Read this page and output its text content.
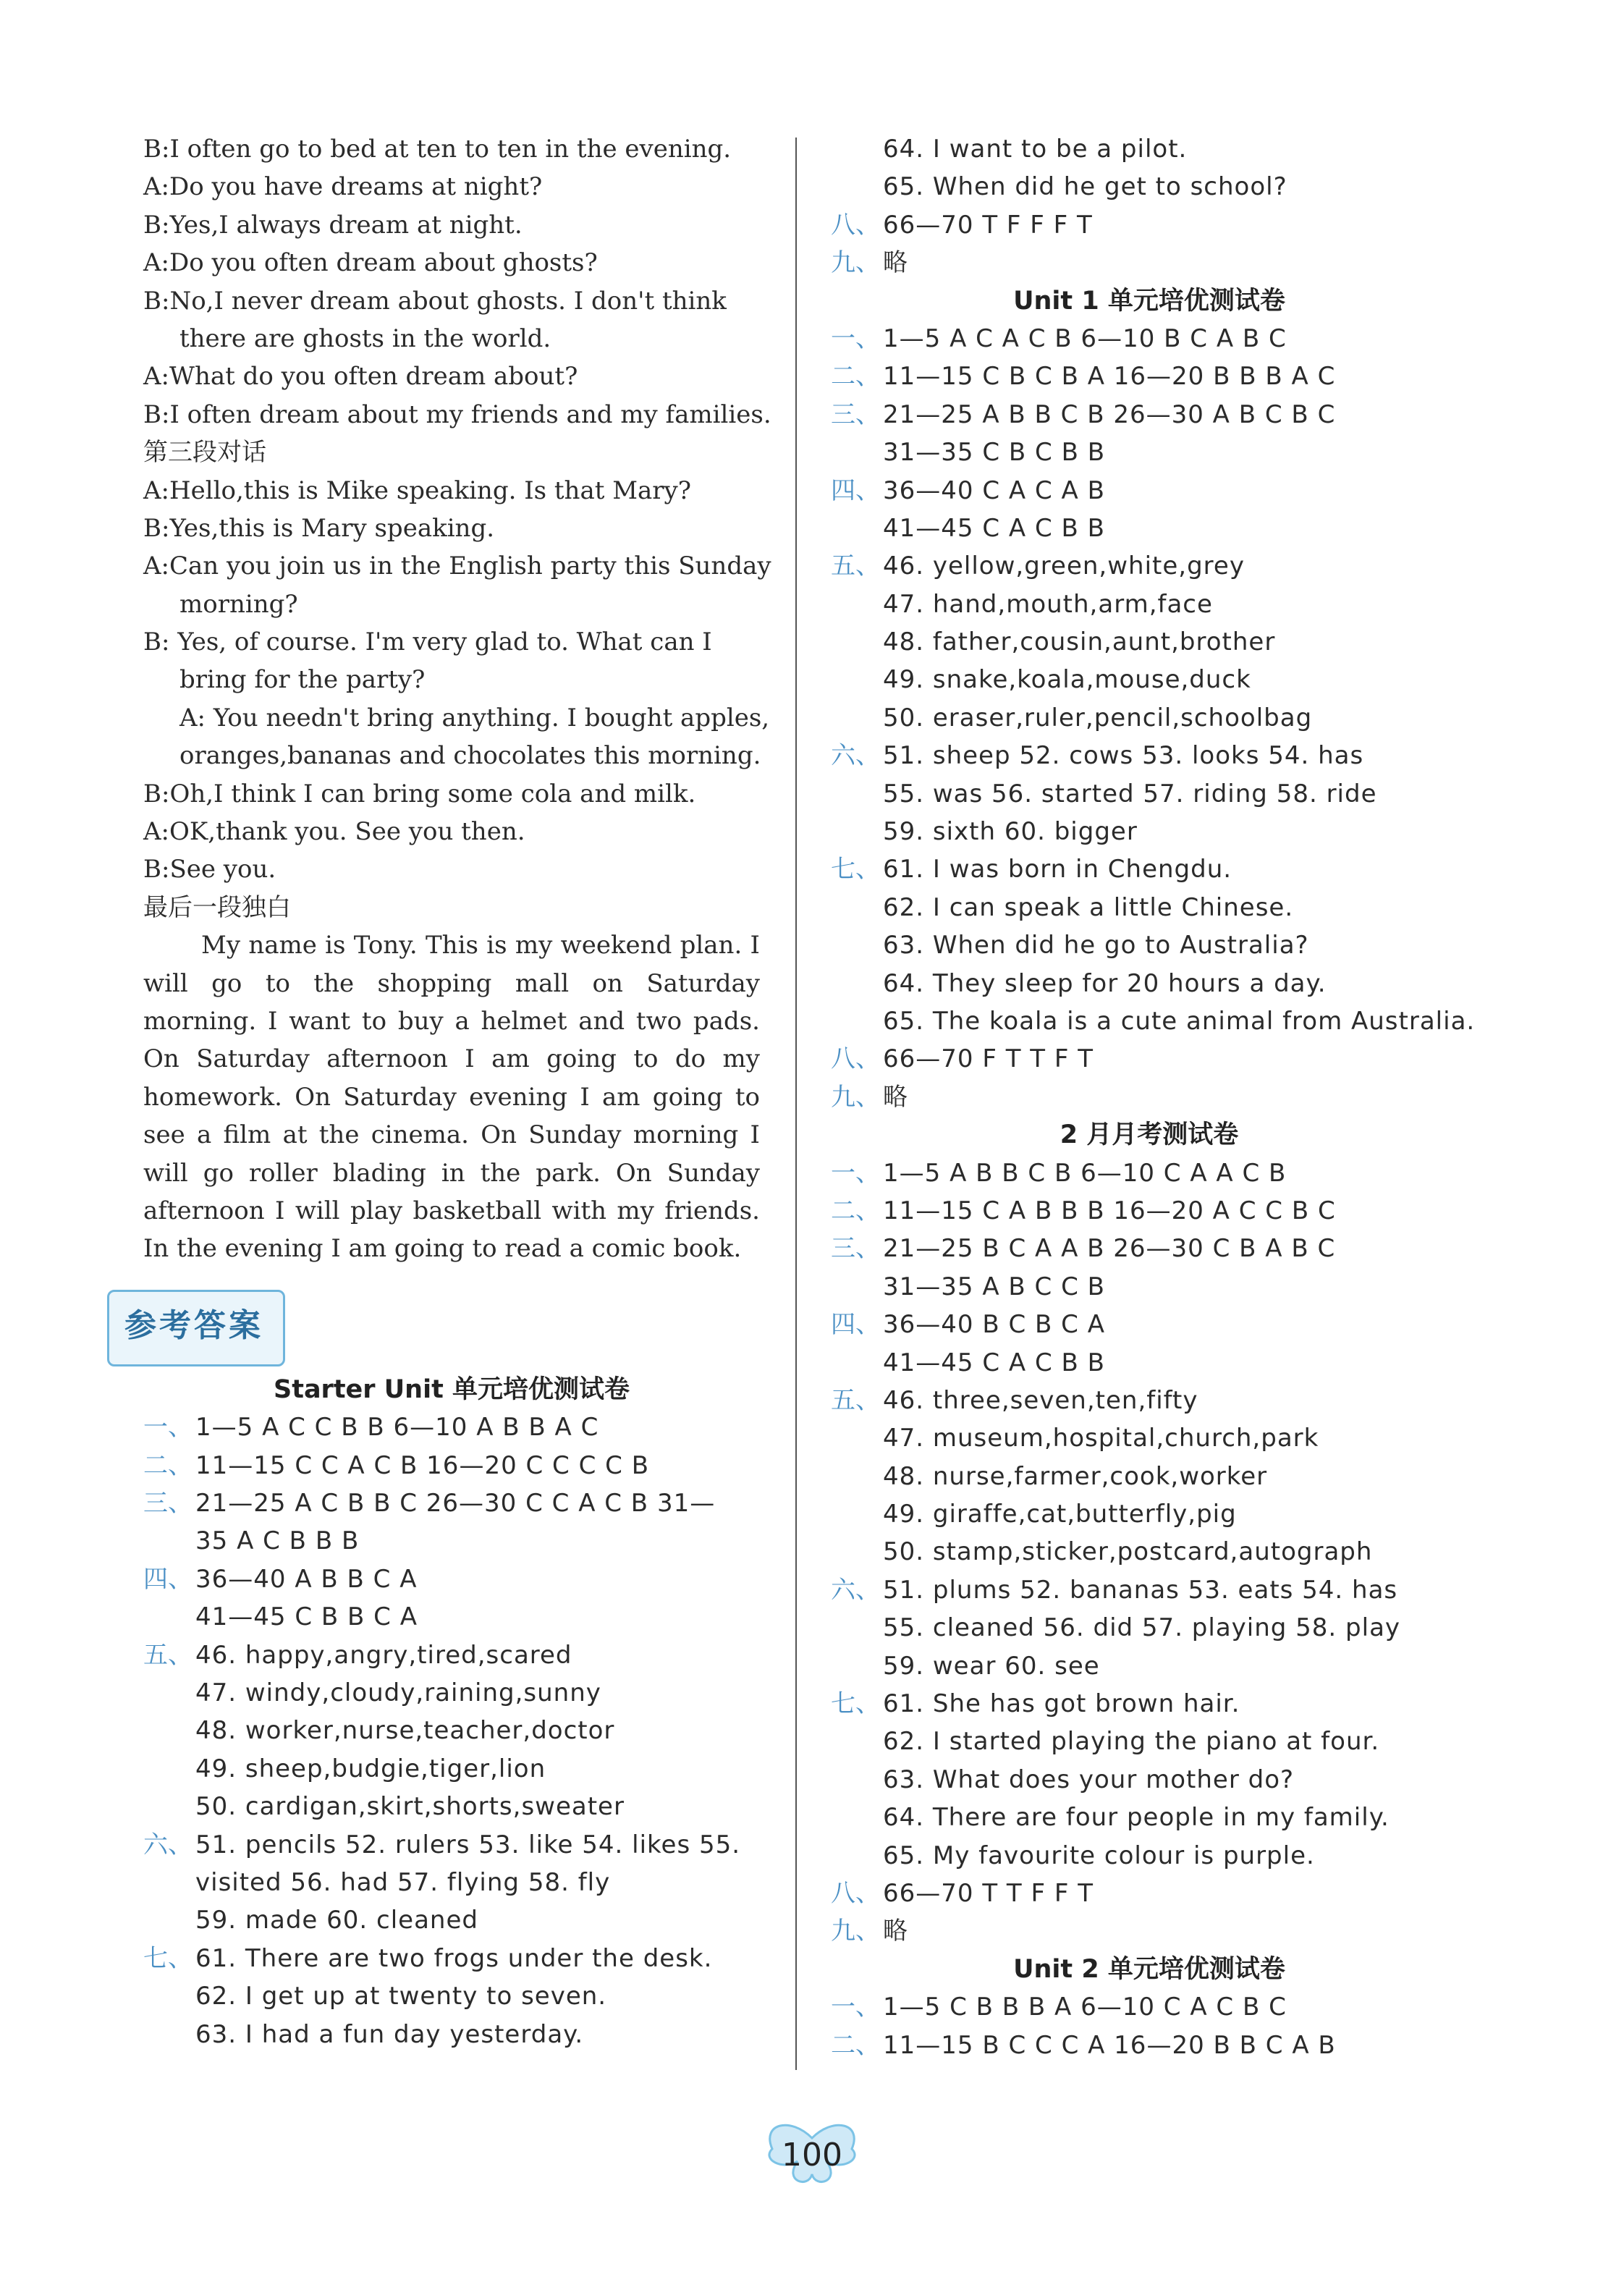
B:I often go to bed at ten to ten in the evening.
A:Do you have dreams at night?
B:Yes,I always dream at night.
A:Do you often dream about ghosts?
B:No,I never dream about ghosts. I don't think
there are ghosts in the world.
A:What do you often dream about?
B:I often dream about my friends and my families.
第三段对话
A:Hello,this is Mike speaking. Is that Mary?
B:Yes,this is Mary speaking.
A:Can you join us in the English party this Sunday
morning?
B: Yes, of course. I'm very glad to. What can I
bring for the party?
A: You needn't bring anything. I bought apples,
oranges,bananas and chocolates this morning.
B:Oh,I think I can bring some cola and milk.
A:OK,thank you. See you then.
B:See you.
最后一段独白
My name is Tony. This is my weekend plan. I will go to the shopping mall on Saturday morning. I want to buy a helmet and two pads. On Saturday afternoon I am going to do my homework. On Saturday evening I am going to see a film at the cinema. On Sunday morning I will go roller blading in the park. On Sunday afternoon I will play basketball with my friends. In the evening I am going to read a comic book.
参考答案
Starter Unit 单元培优测试卷
一、 1—5 A C C B B 6—10 A B B A C
二、 11—15 C C A C B 16—20 C C C C B
三、 21—25 A C B B C 26—30 C C A C B 31—
35 A C B B B
四、 36—40 A B B C A
41—45 C B B C A
五、 46. happy,angry,tired,scared
47. windy,cloudy,raining,sunny
48. worker,nurse,teacher,doctor
49. sheep,budgie,tiger,lion
50. cardigan,skirt,shorts,sweater
六、 51. pencils 52. rulers 53. like 54. likes 55.
visited 56. had 57. flying 58. fly
59. made 60. cleaned
七、 61. There are two frogs under the desk.
62. I get up at twenty to seven.
63. I had a fun day yesterday.
64. I want to be a pilot.
65. When did he get to school?
八、 66—70 T F F F T
九、 略
Unit 1 单元培优测试卷
一、 1—5 A C A C B 6—10 B C A B C
二、 11—15 C B C B A 16—20 B B B A C
三、 21—25 A B B C B 26—30 A B C B C
31—35 C B C B B
四、 36—40 C A C A B
41—45 C A C B B
五、 46. yellow,green,white,grey
47. hand,mouth,arm,face
48. father,cousin,aunt,brother
49. snake,koala,mouse,duck
50. eraser,ruler,pencil,schoolbag
六、 51. sheep 52. cows 53. looks 54. has
55. was 56. started 57. riding 58. ride
59. sixth 60. bigger
七、 61. I was born in Chengdu.
62. I can speak a little Chinese.
63. When did he go to Australia?
64. They sleep for 20 hours a day.
65. The koala is a cute animal from Australia.
八、 66—70 F T T F T
九、 略
2 月月考测试卷
一、 1—5 A B B C B 6—10 C A A C B
二、 11—15 C A B B B 16—20 A C C B C
三、 21—25 B C A A B 26—30 C B A B C
31—35 A B C C B
四、 36—40 B C B C A
41—45 C A C B B
五、 46. three,seven,ten,fifty
47. museum,hospital,church,park
48. nurse,farmer,cook,worker
49. giraffe,cat,butterfly,pig
50. stamp,sticker,postcard,autograph
六、 51. plums 52. bananas 53. eats 54. has
55. cleaned 56. did 57. playing 58. play
59. wear 60. see
七、 61. She has got brown hair.
62. I started playing the piano at four.
63. What does your mother do?
64. There are four people in my family.
65. My favourite colour is purple.
八、 66—70 T T F F T
九、 略
Unit 2 单元培优测试卷
一、 1—5 C B B B A 6—10 C A C B C
二、 11—15 B C C C A 16—20 B B C A B
100
